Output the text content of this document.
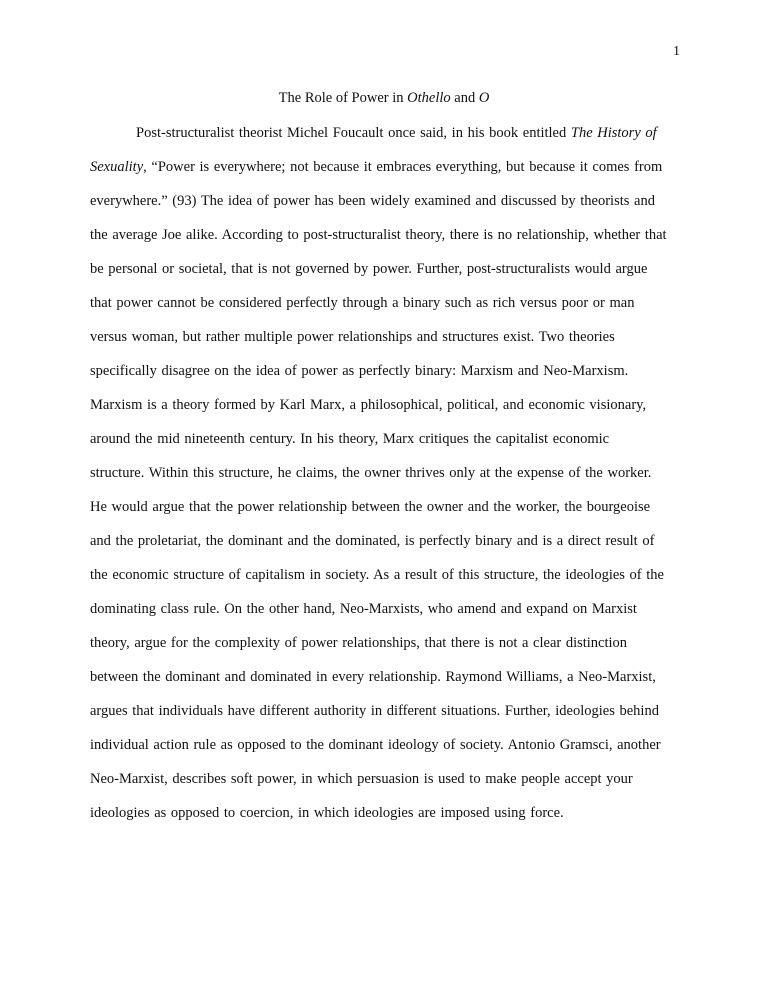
1
The Role of Power in Othello and O
Post-structuralist theorist Michel Foucault once said, in his book entitled The History of
Sexuality, “Power is everywhere; not because it embraces everything, but because it comes from
everywhere.” (93) The idea of power has been widely examined and discussed by theorists and
the average Joe alike. According to post-structuralist theory, there is no relationship, whether that
be personal or societal, that is not governed by power. Further, post-structuralists would argue
that power cannot be considered perfectly through a binary such as rich versus poor or man
versus woman, but rather multiple power relationships and structures exist. Two theories
specifically disagree on the idea of power as perfectly binary: Marxism and Neo-Marxism.
Marxism is a theory formed by Karl Marx, a philosophical, political, and economic visionary,
around the mid nineteenth century. In his theory, Marx critiques the capitalist economic
structure. Within this structure, he claims, the owner thrives only at the expense of the worker.
He would argue that the power relationship between the owner and the worker, the bourgeoise
and the proletariat, the dominant and the dominated, is perfectly binary and is a direct result of
the economic structure of capitalism in society. As a result of this structure, the ideologies of the
dominating class rule. On the other hand, Neo-Marxists, who amend and expand on Marxist
theory, argue for the complexity of power relationships, that there is not a clear distinction
between the dominant and dominated in every relationship. Raymond Williams, a Neo-Marxist,
argues that individuals have different authority in different situations. Further, ideologies behind
individual action rule as opposed to the dominant ideology of society. Antonio Gramsci, another
Neo-Marxist, describes soft power, in which persuasion is used to make people accept your
ideologies as opposed to coercion, in which ideologies are imposed using force.
